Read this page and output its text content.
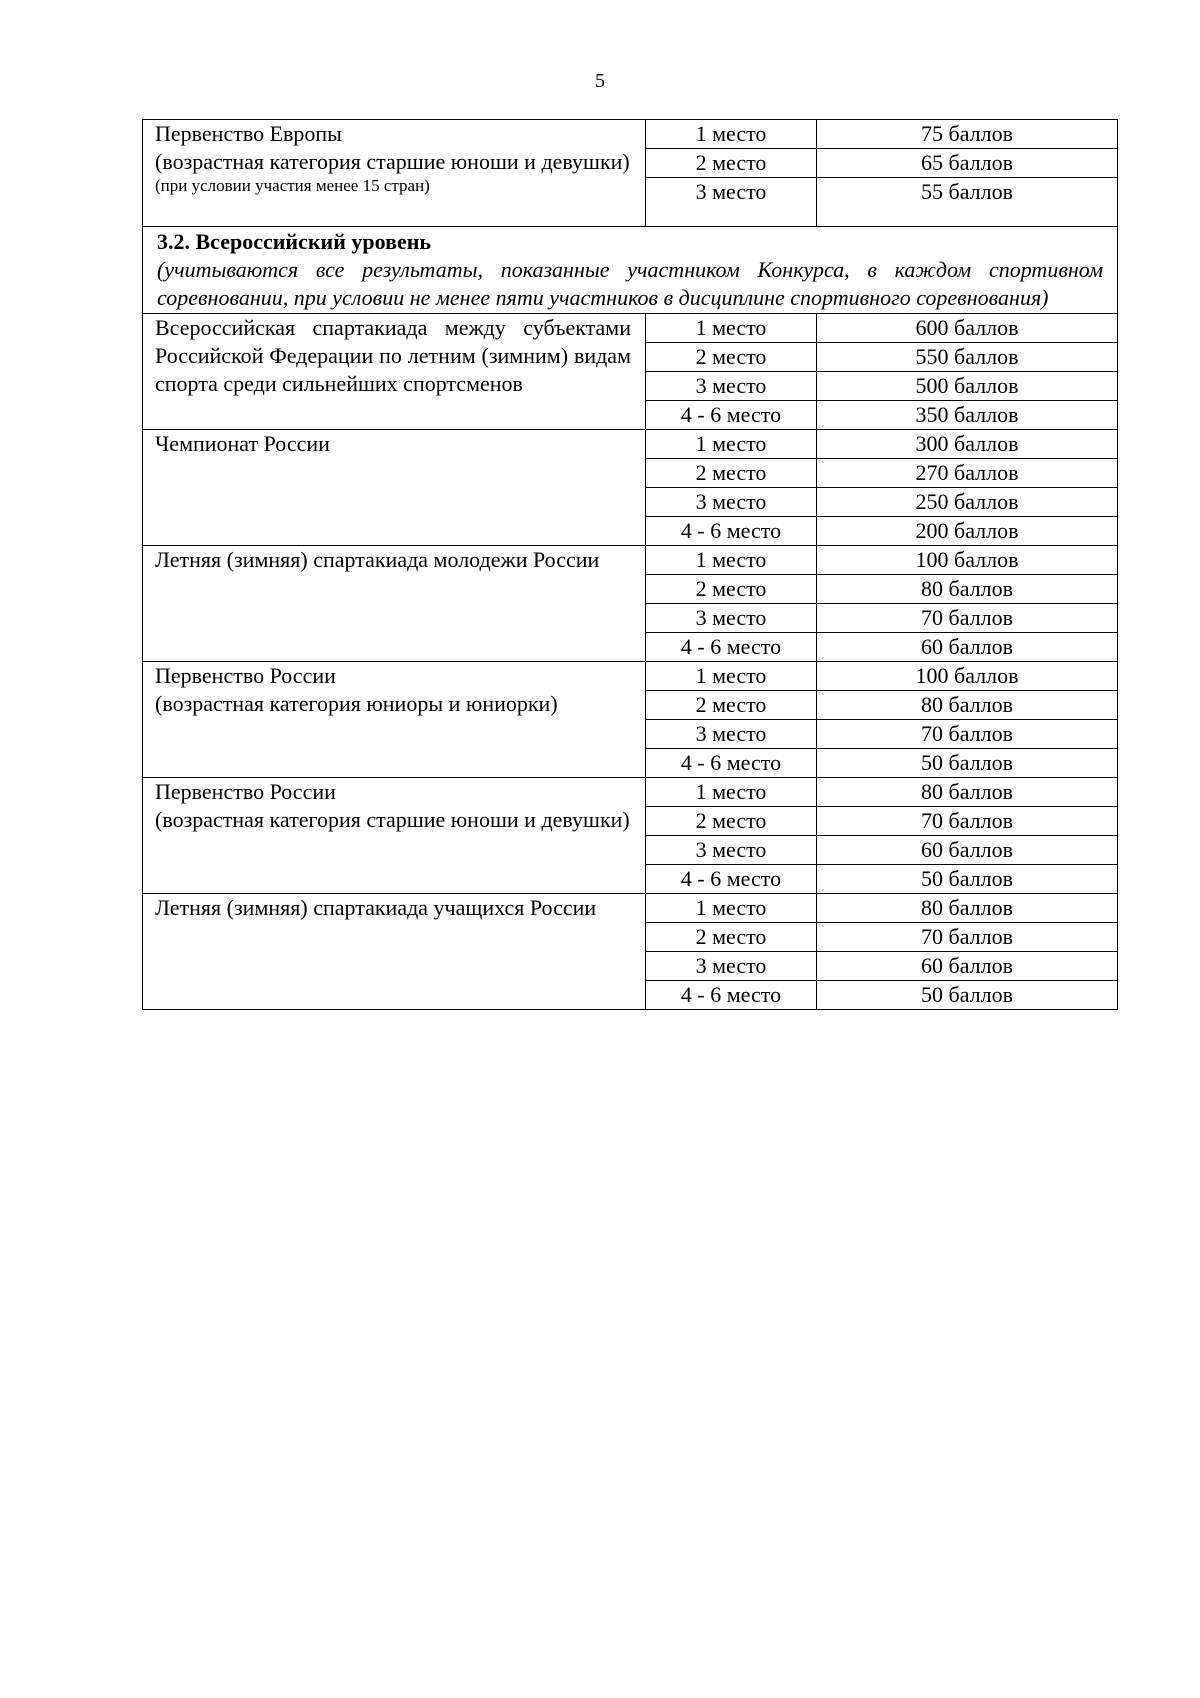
5
Первенство Европы
(возрастная категория старшие юноши и девушки)
(при условии участия менее 15 стран)	1 место	75 баллов
	2 место	65 баллов
	3 место	55 баллов

3.2. Всероссийский уровень
(учитываются все результаты, показанные участником Конкурса, в каждом спортивном соревновании, при условии не менее пяти участников в дисциплине спортивного соревнования)		

Всероссийская спартакиада между субъектами Российской Федерации по летним (зимним) видам спорта среди сильнейших спортсменов	1 место	600 баллов
	2 место	550 баллов
	3 место	500 баллов
	4 - 6 место	350 баллов

Чемпионат России	1 место	300 баллов
	2 место	270 баллов
	3 место	250 баллов
	4 - 6 место	200 баллов

Летняя (зимняя) спартакиада молодежи России	1 место	100 баллов
	2 место	80 баллов
	3 место	70 баллов
	4 - 6 место	60 баллов

Первенство России
(возрастная категория юниоры и юниорки)	1 место	100 баллов
	2 место	80 баллов
	3 место	70 баллов
	4 - 6 место	50 баллов

Первенство России
(возрастная категория старшие юноши и девушки)	1 место	80 баллов
	2 место	70 баллов
	3 место	60 баллов
	4 - 6 место	50 баллов

Летняя (зимняя) спартакиада учащихся России	1 место	80 баллов
	2 место	70 баллов
	3 место	60 баллов
	4 - 6 место	50 баллов
